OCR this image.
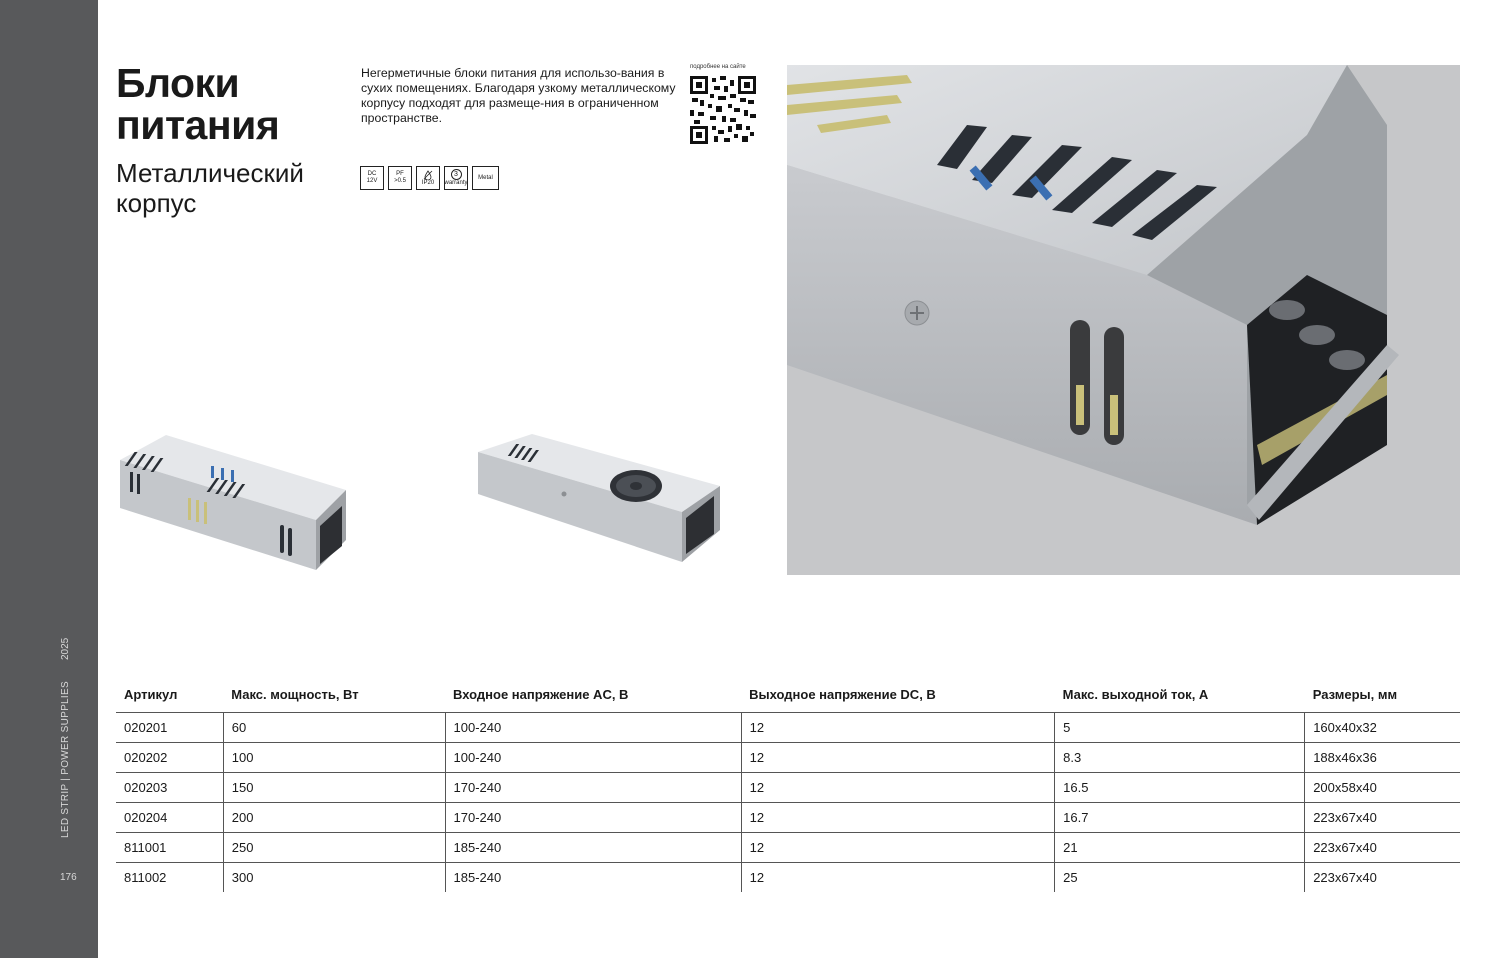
2025
LED STRIP | POWER SUPPLIES
176
Блоки
питания
Металлический
корпус
Негерметичные блоки питания для использо-вания в сухих помещениях. Благодаря узкому металлическому корпусу подходят для размеще-ния в ограниченном пространстве.
DC
12V
PF
>0.5	IP20
3
warranty
Metal
подробнее на сайте
Артикул	Макс. мощность, Вт	Входное напряжение AC, В	Выходное напряжение DC, В	Макс. выходной ток, А	Размеры, мм
020201	60	100-240	12	5	160x40x32
020202	100	100-240	12	8.3	188x46x36
020203	150	170-240	12	16.5	200x58x40
020204	200	170-240	12	16.7	223x67x40
811001	250	185-240	12	21	223x67x40
811002	300	185-240	12	25	223x67x40
